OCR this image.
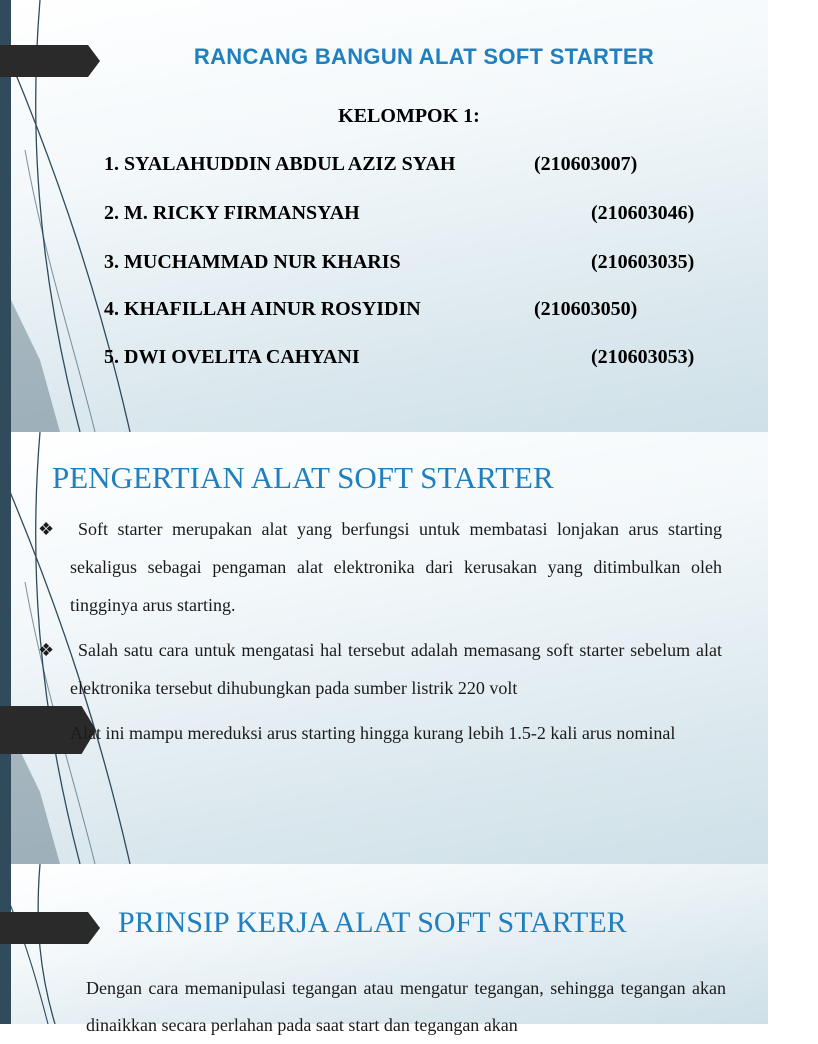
RANCANG BANGUN ALAT SOFT STARTER
KELOMPOK 1:
1. SYALAHUDDIN ABDUL AZIZ SYAH	(210603007)
2. M. RICKY FIRMANSYAH	(210603046)
3. MUCHAMMAD NUR KHARIS	(210603035)
4. KHAFILLAH AINUR ROSYIDIN	(210603050)
5. DWI OVELITA CAHYANI	(210603053)
PENGERTIAN ALAT SOFT STARTER
❖ Soft starter merupakan alat yang berfungsi untuk membatasi lonjakan arus starting sekaligus sebagai pengaman alat elektronika dari kerusakan yang ditimbulkan oleh tingginya arus starting.
❖ Salah satu cara untuk mengatasi hal tersebut adalah memasang soft starter sebelum alat elektronika tersebut dihubungkan pada sumber listrik 220 volt
Alat ini mampu mereduksi arus starting hingga kurang lebih 1.5-2 kali arus nominal
PRINSIP KERJA ALAT SOFT STARTER
Dengan cara memanipulasi tegangan atau mengatur tegangan, sehingga tegangan akan dinaikkan secara perlahan pada saat start dan tegangan akan
